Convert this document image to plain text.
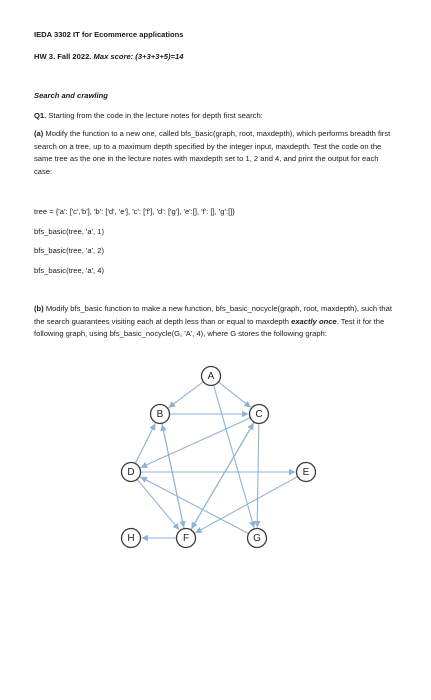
IEDA 3302 IT for Ecommerce applications
HW 3. Fall 2022. Max score: (3+3+3+5)=14
Search and crawling
Q1. Starting from the code in the lecture notes for depth first search:
(a) Modify the function to a new one, called bfs_basic(graph, root, maxdepth), which performs breadth first search on a tree, up to a maximum depth specified by the integer input, maxdepth. Test the code on the same tree as the one in the lecture notes with maxdepth set to 1, 2 and 4, and print the output for each case:
tree = {'a': ['c','b'], 'b': ['d', 'e'], 'c': ['f'], 'd': ['g'], 'e':[], 'f': [], 'g':[]}
bfs_basic(tree, 'a', 1)
bfs_basic(tree, 'a', 2)
bfs_basic(tree, 'a', 4)
(b) Modify bfs_basic function to make a new function, bfs_basic_nocycle(graph, root, maxdepth), such that the search guarantees visiting each at depth less than or equal to maxdepth exactly once. Test it for the following graph, using bfs_basic_nocycle(G, 'A', 4), where G stores the following graph:
A
B	C
D	E
F	G
H
